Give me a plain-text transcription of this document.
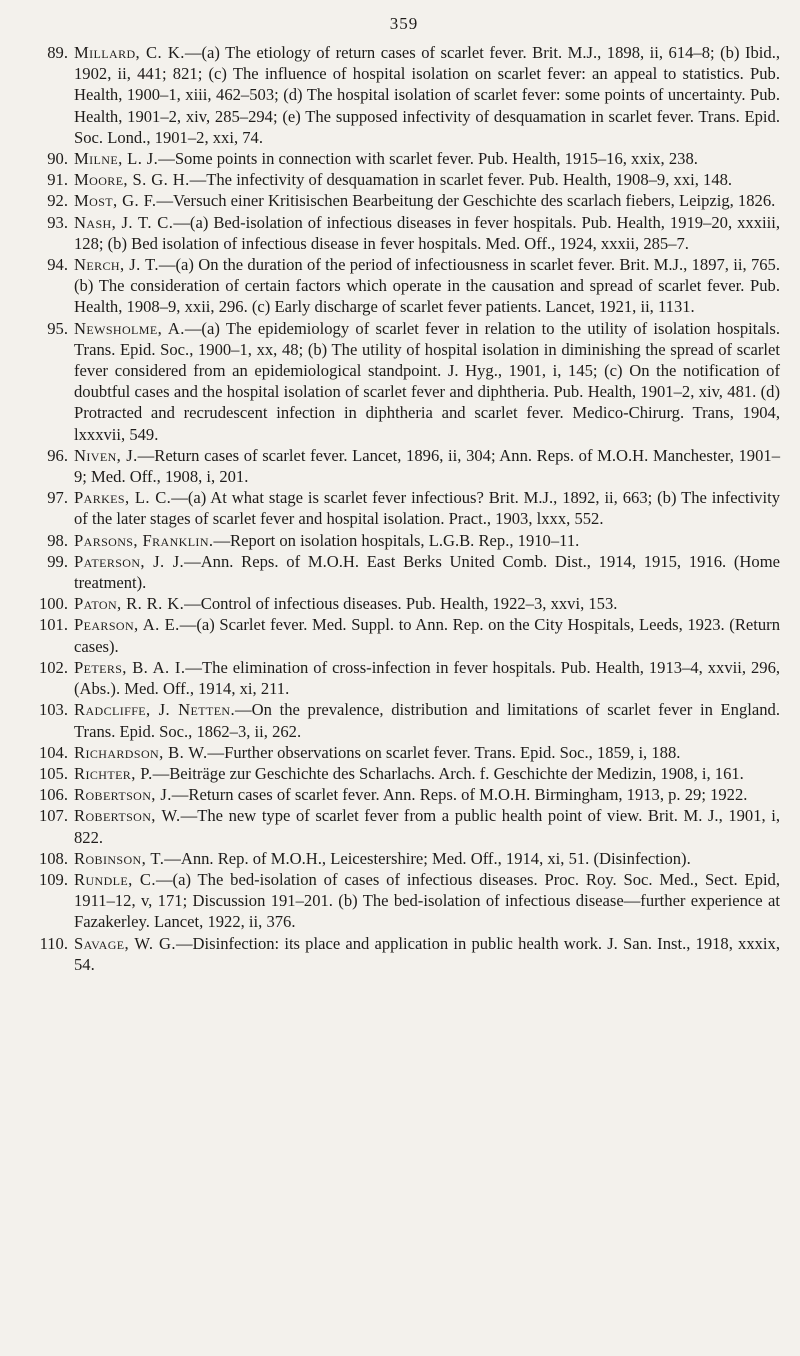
359
89. Millard, C. K.—(a) The etiology of return cases of scarlet fever. Brit. M.J., 1898, ii, 614–8; (b) Ibid., 1902, ii, 441; 821; (c) The influence of hospital isolation on scarlet fever: an appeal to statistics. Pub. Health, 1900–1, xiii, 462–503; (d) The hospital isolation of scarlet fever: some points of uncertainty. Pub. Health, 1901–2, xiv, 285–294; (e) The supposed infectivity of desquamation in scarlet fever. Trans. Epid. Soc. Lond., 1901–2, xxi, 74.
90. Milne, L. J.—Some points in connection with scarlet fever. Pub. Health, 1915–16, xxix, 238.
91. Moore, S. G. H.—The infectivity of desquamation in scarlet fever. Pub. Health, 1908–9, xxi, 148.
92. Most, G. F.—Versuch einer Kritisischen Bearbeitung der Geschichte des scarlach fiebers, Leipzig, 1826.
93. Nash, J. T. C.—(a) Bed-isolation of infectious diseases in fever hospitals. Pub. Health, 1919–20, xxxiii, 128; (b) Bed isolation of infectious disease in fever hospitals. Med. Off., 1924, xxxii, 285–7.
94. Nerch, J. T.—(a) On the duration of the period of infectiousness in scarlet fever. Brit. M.J., 1897, ii, 765. (b) The consideration of certain factors which operate in the causation and spread of scarlet fever. Pub. Health, 1908–9, xxii, 296. (c) Early discharge of scarlet fever patients. Lancet, 1921, ii, 1131.
95. Newsholme, A.—(a) The epidemiology of scarlet fever in relation to the utility of isolation hospitals. Trans. Epid. Soc., 1900–1, xx, 48; (b) The utility of hospital isolation in diminishing the spread of scarlet fever considered from an epidemiological standpoint. J. Hyg., 1901, i, 145; (c) On the notification of doubtful cases and the hospital isolation of scarlet fever and diphtheria. Pub. Health, 1901–2, xiv, 481. (d) Protracted and recrudescent infection in diphtheria and scarlet fever. Medico-Chirurg. Trans, 1904, lxxxvii, 549.
96. Niven, J.—Return cases of scarlet fever. Lancet, 1896, ii, 304; Ann. Reps. of M.O.H. Manchester, 1901–9; Med. Off., 1908, i, 201.
97. Parkes, L. C.—(a) At what stage is scarlet fever infectious? Brit. M.J., 1892, ii, 663; (b) The infectivity of the later stages of scarlet fever and hospital isolation. Pract., 1903, lxxx, 552.
98. Parsons, Franklin.—Report on isolation hospitals, L.G.B. Rep., 1910–11.
99. Paterson, J. J.—Ann. Reps. of M.O.H. East Berks United Comb. Dist., 1914, 1915, 1916. (Home treatment).
100. Paton, R. R. K.—Control of infectious diseases. Pub. Health, 1922–3, xxvi, 153.
101. Pearson, A. E.—(a) Scarlet fever. Med. Suppl. to Ann. Rep. on the City Hospitals, Leeds, 1923. (Return cases).
102. Peters, B. A. I.—The elimination of cross-infection in fever hospitals. Pub. Health, 1913–4, xxvii, 296, (Abs.). Med. Off., 1914, xi, 211.
103. Radcliffe, J. Netten.—On the prevalence, distribution and limitations of scarlet fever in England. Trans. Epid. Soc., 1862–3, ii, 262.
104. Richardson, B. W.—Further observations on scarlet fever. Trans. Epid. Soc., 1859, i, 188.
105. Richter, P.—Beiträge zur Geschichte des Scharlachs. Arch. f. Geschichte der Medizin, 1908, i, 161.
106. Robertson, J.—Return cases of scarlet fever. Ann. Reps. of M.O.H. Birmingham, 1913, p. 29; 1922.
107. Robertson, W.—The new type of scarlet fever from a public health point of view. Brit. M. J., 1901, i, 822.
108. Robinson, T.—Ann. Rep. of M.O.H., Leicestershire; Med. Off., 1914, xi, 51. (Disinfection).
109. Rundle, C.—(a) The bed-isolation of cases of infectious diseases. Proc. Roy. Soc. Med., Sect. Epid, 1911–12, v, 171; Discussion 191–201. (b) The bed-isolation of infectious disease—further experience at Fazakerley. Lancet, 1922, ii, 376.
110. Savage, W. G.—Disinfection: its place and application in public health work. J. San. Inst., 1918, xxxix, 54.
